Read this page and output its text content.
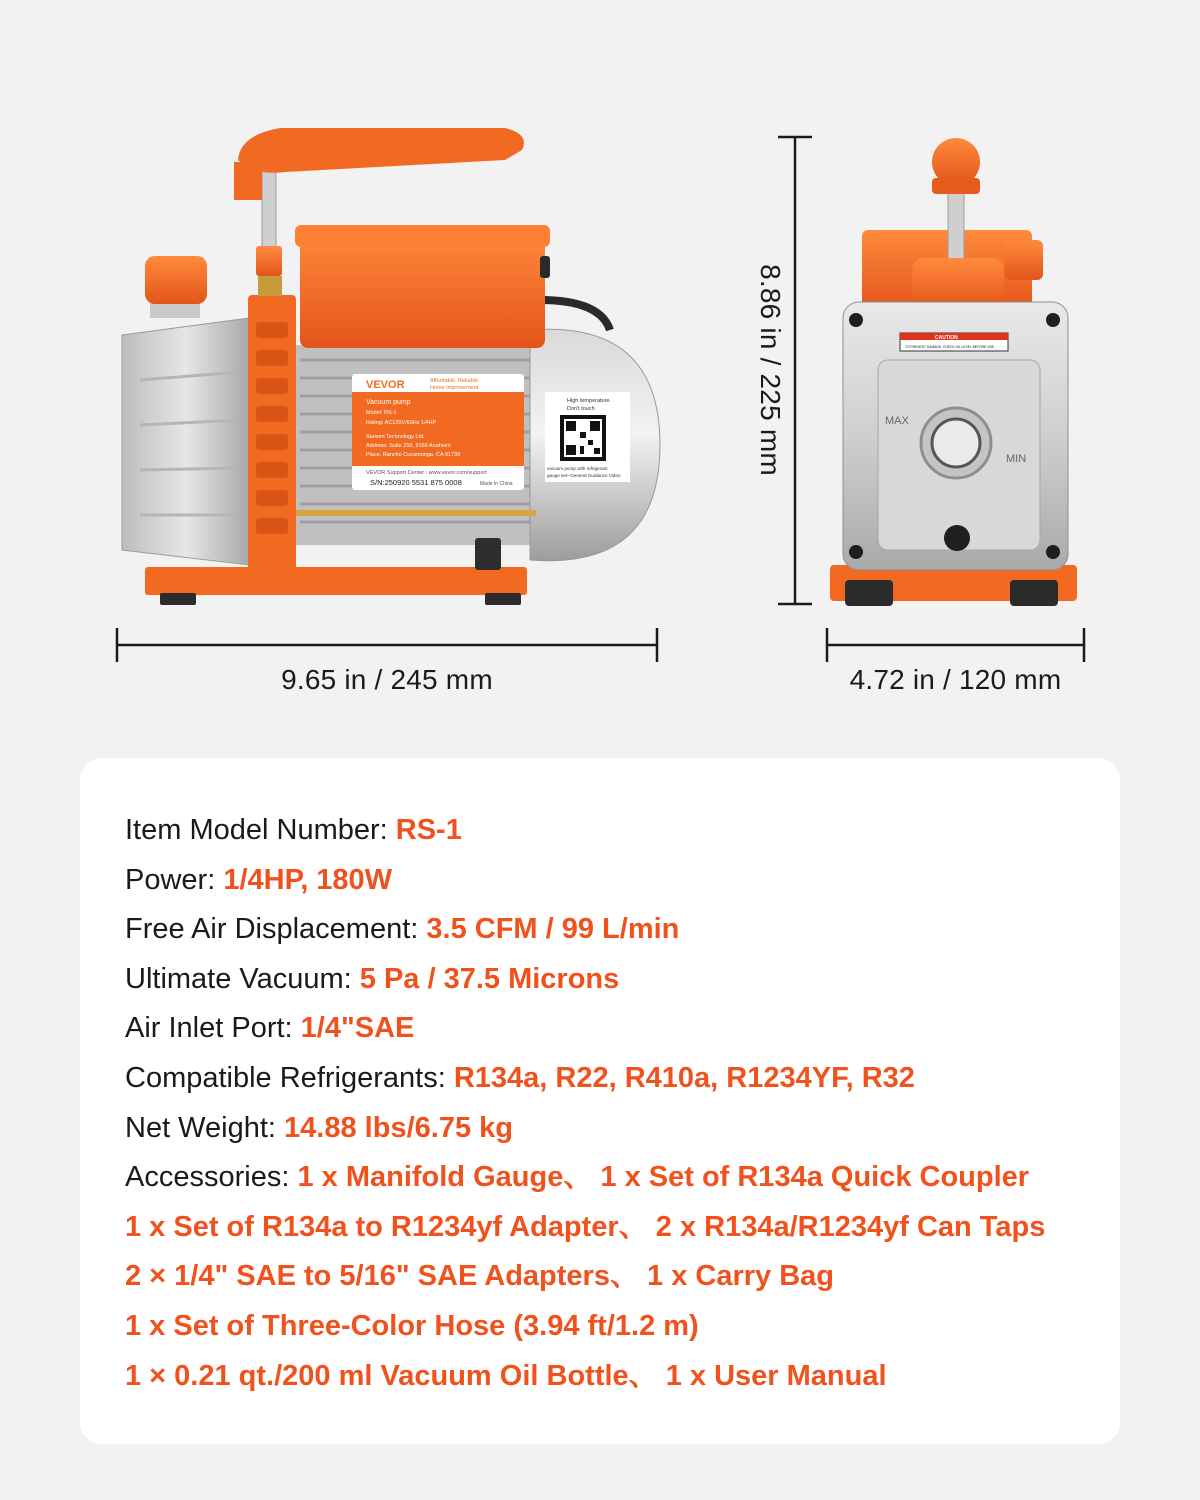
VEVOR	Affordable. Reliable.
Home Improvement
Vacuum pump
Model: RS-1
Rating: AC120V/60Hz 1/4HP
Sanven Technology Ltd.
Address: Suite 250, 9166 Anaheim
Place, Rancho Cucamonga, CA 91730
VEVOR Support Center : www.vevor.com/support
S/N:250920 5531 875 0008	Made In China
High temperature.
Don't touch
vacuum pump with refrigerant
gauge set--General Guidance Video
CAUTION
TO PREVENT DAMAGE: CHECK OIL LEVEL BEFORE USE.
MAX
MIN
9.65 in / 245 mm	4.72 in / 120 mm
8.86 in / 225 mm
Item Model Number: RS-1
Power: 1/4HP, 180W
Free Air Displacement: 3.5 CFM / 99 L/min
Ultimate Vacuum: 5 Pa / 37.5 Microns
Air Inlet Port: 1/4"SAE
Compatible Refrigerants: R134a, R22, R410a, R1234YF, R32
Net Weight: 14.88 lbs/6.75 kg
Accessories: 1 x Manifold Gauge、 1 x Set of R134a Quick Coupler
1 x Set of R134a to R1234yf Adapter、 2 x R134a/R1234yf Can Taps
2 × 1/4" SAE to 5/16" SAE Adapters、 1 x Carry Bag
1 x Set of Three-Color Hose (3.94 ft/1.2 m)
1 × 0.21 qt./200 ml Vacuum Oil Bottle、 1 x User Manual
